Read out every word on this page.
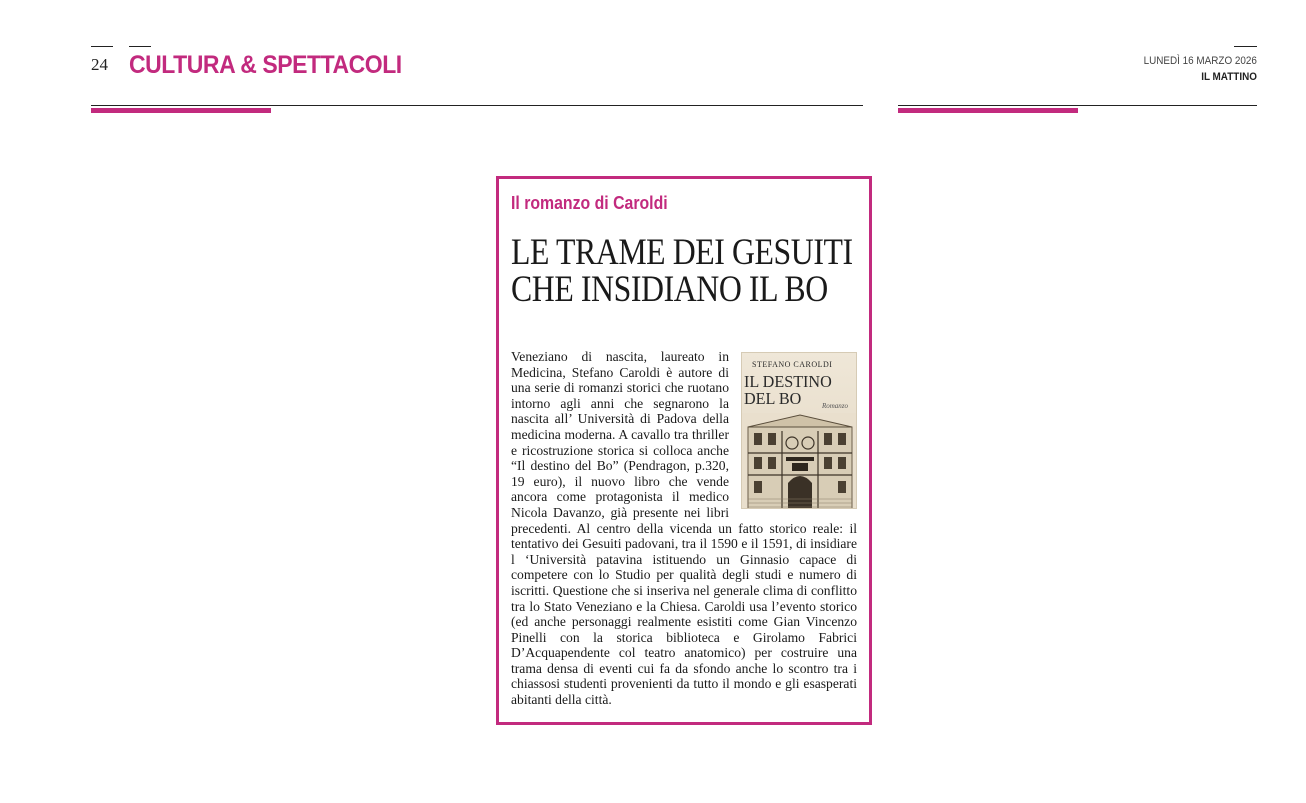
24 CULTURA & SPETTACOLI	LUNEDÌ 16 MARZO 2026
IL MATTINO
Il romanzo di Caroldi
LE TRAME DEI GESUITI
CHE INSIDIANO IL BO
STEFANO CAROLDI
IL DESTINO
DEL BO	Romanzo
Veneziano di nascita, laureato in Medicina, Stefano Caroldi è autore di una serie di romanzi storici che ruotano intorno agli anni che segnarono la nascita all’ Università di Padova della medicina moderna. A cavallo tra thriller e ricostruzione storica si colloca anche “Il destino del Bo” (Pendragon, p.320, 19 euro), il nuovo libro che vende ancora come protagonista il medico Nicola Davanzo, già presente nei libri precedenti. Al centro della vicenda un fatto storico reale: il tentativo dei Gesuiti padovani, tra il 1590 e il 1591, di insidiare l ‘Università patavina istituendo un Ginnasio capace di competere con lo Studio per qualità degli studi e numero di iscritti. Questione che si inseriva nel generale clima di conflitto tra lo Stato Veneziano e la Chiesa. Caroldi usa l’evento storico (ed anche personaggi realmente esistiti come Gian Vincenzo Pinelli con la storica biblioteca e Girolamo Fabrici D’Acquapendente col teatro anatomico) per costruire una trama densa di eventi cui fa da sfondo anche lo scontro tra i chiassosi studenti provenienti da tutto il mondo e gli esasperati abitanti della città.
